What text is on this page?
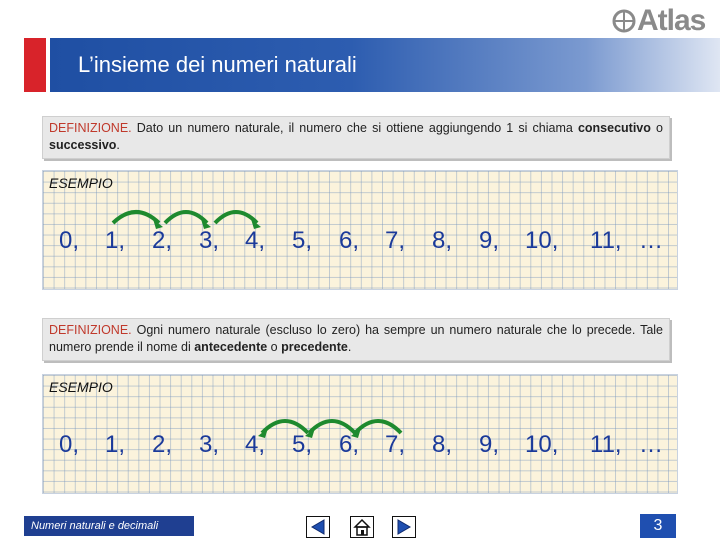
Atlas
L’insieme dei numeri naturali
DEFINIZIONE. Dato un numero naturale, il numero che si ottiene aggiungendo 1 si chiama consecutivo o successivo.
ESEMPIO
0, 1, 2, 3, 4, 5, 6, 7, 8, 9, 10, 11, …
DEFINIZIONE. Ogni numero naturale (escluso lo zero) ha sempre un numero naturale che lo precede. Tale numero prende il nome di antecedente o precedente.
ESEMPIO
0, 1, 2, 3, 4, 5, 6, 7, 8, 9, 10, 11, …
Numeri naturali e decimali	3
